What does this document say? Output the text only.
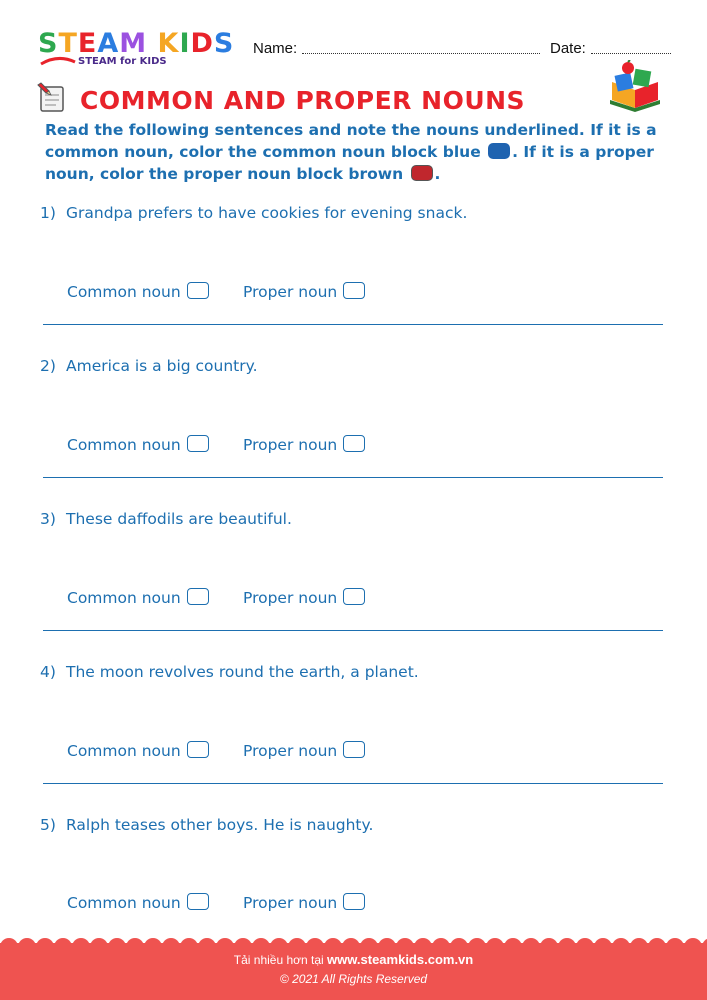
STEAM KIDS
STEAM for KIDS
Name:	Date:
COMMON AND PROPER NOUNS
Read the following sentences and note the nouns underlined. If it is a common noun, color the common noun block blue . If it is a proper noun, color the proper noun block brown .
1) Grandpa prefers to have cookies for evening snack.
Common noun	Proper noun
2) America is a big country.
Common noun	Proper noun
3) These daffodils are beautiful.
Common noun	Proper noun
4) The moon revolves round the earth, a planet.
Common noun	Proper noun
5) Ralph teases other boys. He is naughty.
Common noun	Proper noun
Tải nhiều hơn tại www.steamkids.com.vn
© 2021 All Rights Reserved
